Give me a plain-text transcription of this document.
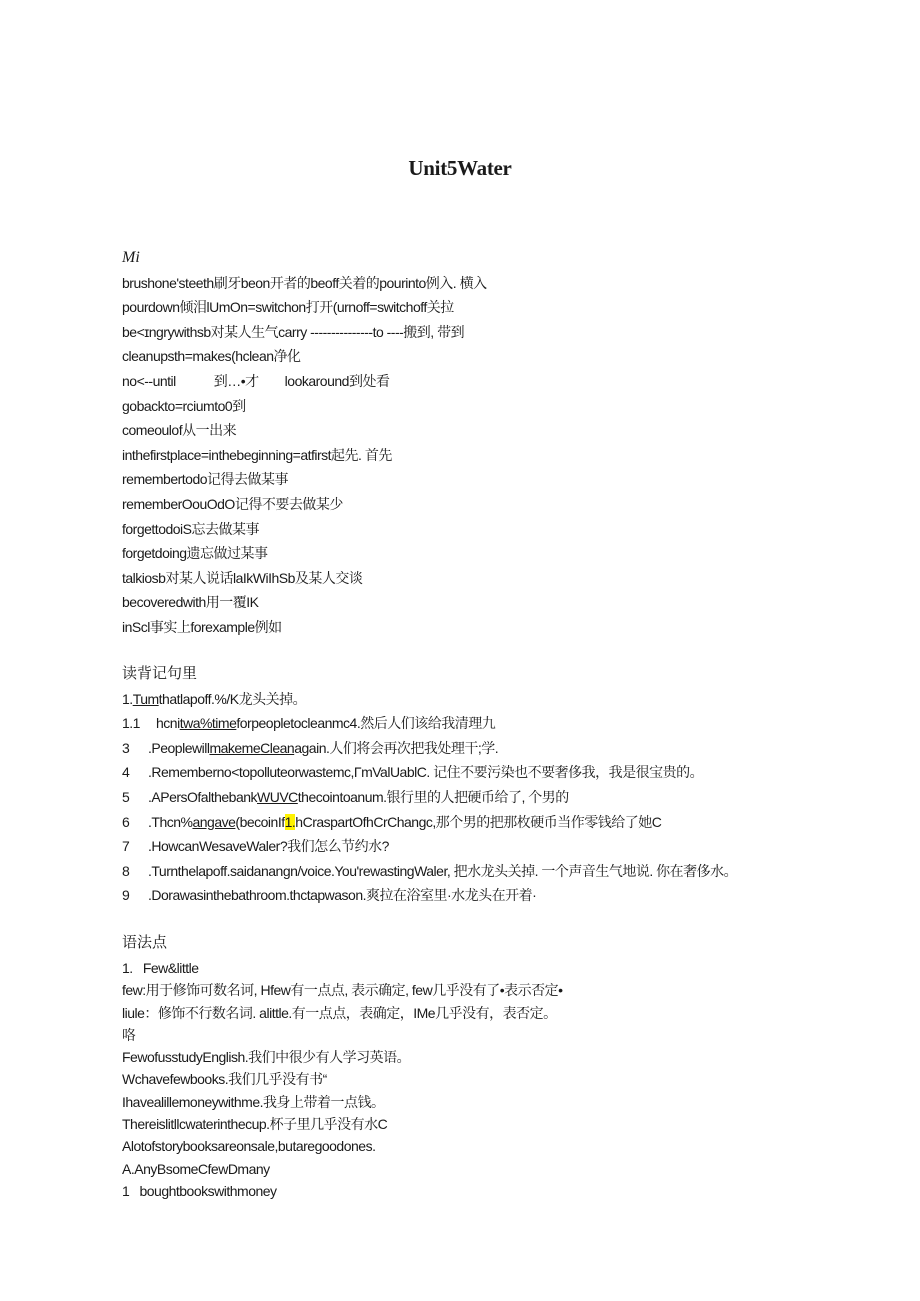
Unit5Water
Mi
brushone'steeth刷牙beon开者的beoff关着的pourinto例入. 横入
pourdown倾泪lUmOn=switchon打开(urnoff=switchoff关拉
be<ɪngrywithsb对某人生气carry ---------------to ----搬到, 带到
cleanupsth=makes(hclean净化
no<--until	到…•才 lookaround到处看
gobackto=rciumto0到
comeoulof从一出来
inthefirstplace=inthebeginning=atfirst起先. 首先
remembertodo记得去做某事
rememberOouOdO记得不要去做某少
forgettodoiS忘去做某事
forgetdoing遗忘做过某事
talkiosb对某人说话laIkWiIhSb及某人交谈
becoveredwith用一覆IK
inScl事实上forexample例如
读背记句里
1.Tumthatlapoff.%/K龙头关掉。
1.1 hcnitwa%timeforpeopletocleanmc4.然后人们该给我清理九
3 .PeoplewillmakemeCleanagain.人们将会再次把我处理干;学.
4 .Rememberno<topolluteorwastemc,ΓmValUablC. 记住不要污染也不要奢侈我，我是很宝贵的。
5 .APersOfalthebankWUVCthecointoanum.银行里的人把硬币给了, 个男的
6 .Thcn%angave(becoinIf1.hCraspartOfhCrChangc,那个男的把那枚硬币当作零钱给了她C
7 .HowcanWesaveWaler?我们怎么节约水?
8 .Turnthelapoff.saidanangn/voice.You'rewastingWaler, 把水龙头关掉. 一个声音生气地说. 你在奢侈水。
9 .Dorawasinthebathroom.thctapwason.爽拉在浴室里·水龙头在开着·
语法点
1.   Few&little
few:用于修饰可数名诃, Hfew有一点点, 表示确定, few几乎没有了•表示否定•
liule：修饰不行数名词. alittle.有一点点，表确定，IMe几乎没有，表否定。
咯
FewofusstudyEnglish.我们中很少有人学习英语。
Wchavefewbooks.我们几乎没有书“
Ihavealillemoneywithme.我身上带着一点钱。
Thereislitllcwaterinthecup.杯子里几乎没有水C
Alotofstorybooksareonsale,butaregoodones.
A.AnyBsomeCfewDmany
1   boughtbookswithmoney
